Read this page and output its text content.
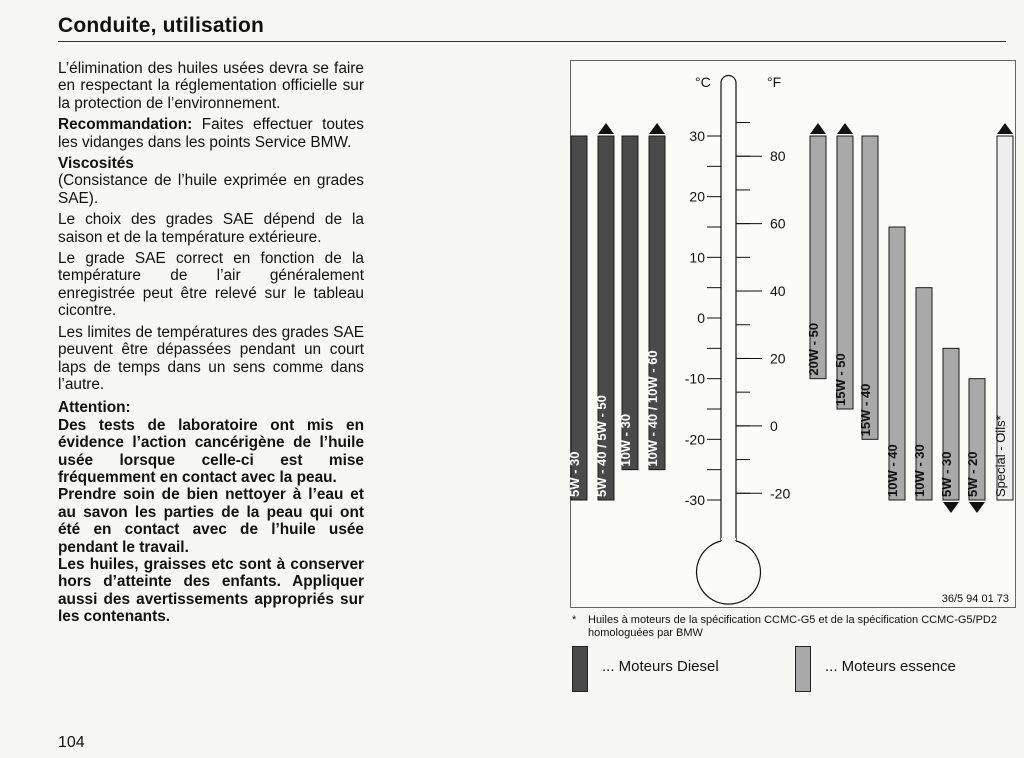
Conduite, utilisation

L’élimination des huiles usées devra se faire en respectant la réglementation officielle sur la protection de l’environnement.

Recommandation: Faites effectuer toutes les vidanges dans les points Service BMW.

Viscosités

(Consistance de l’huile exprimée en grades SAE).

Le choix des grades SAE dépend de la saison et de la température extérieure.

Le grade SAE correct en fonction de la température de l’air généralement enregistrée peut être relevé sur le tableau cicontre.

Les limites de températures des grades SAE peuvent être dépassées pendant un court laps de temps dans un sens comme dans l’autre.

Attention:

Des tests de laboratoire ont mis en évidence l’action cancérigène de l’huile usée lorsque celle-ci est mise fréquemment en contact avec la peau.

Prendre soin de bien nettoyer à l’eau et au savon les parties de la peau qui ont été en contact avec de l’huile usée pendant le travail.

Les huiles, graisses etc sont à conserver hors d’atteinte des enfants. Appliquer aussi des avertissements appropriés sur les contenants.

104
5W - 30 5W - 40 / 5W - 50 10W - 30 10W - 40 / 10W - 60
20W - 50
15W - 50
15W - 40
10W - 40 10W - 30 5W - 30 5W - 20 Special - Oils*
°C	°F
30
20
10
0
-10
-20
-30
80
60
40
20
0
-20
36/5 94 01 73
* Huiles à moteurs de la spécification CCMC-G5 et de la spécification CCMC-G5/PD2 homologuées par BMW
... Moteurs Diesel	... Moteurs essence
